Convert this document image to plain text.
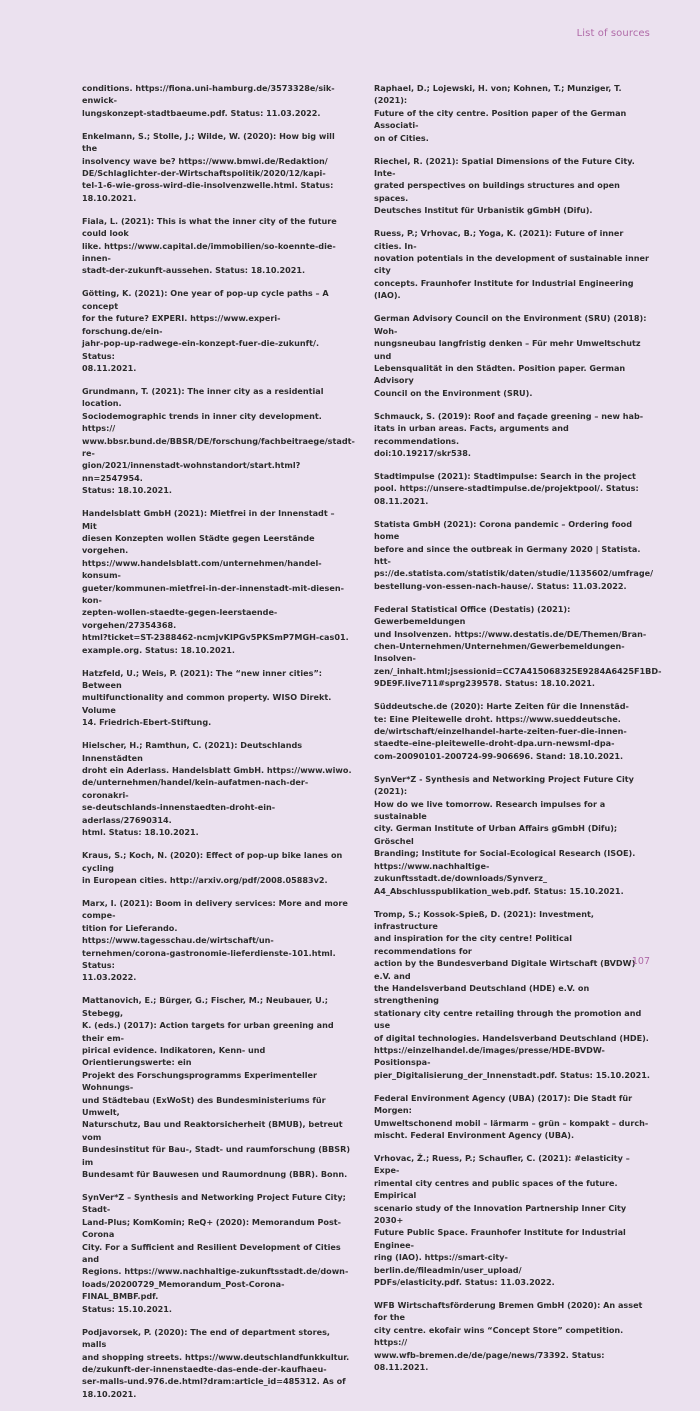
List of sources

conditions. https://fiona.uni-hamburg.de/3573328e/sik-enwick-
lungskonzept-stadtbaeume.pdf. Status: 11.03.2022.

Enkelmann, S.; Stolle, J.; Wilde, W. (2020): How big will the
insolvency wave be? https://www.bmwi.de/Redaktion/
DE/Schlaglichter-der-Wirtschaftspolitik/2020/12/kapi-
tel-1-6-wie-gross-wird-die-insolvenzwelle.html. Status:
18.10.2021.

Fiala, L. (2021): This is what the inner city of the future could look
like. https://www.capital.de/immobilien/so-koennte-die-innen-
stadt-der-zukunft-aussehen. Status: 18.10.2021.

Götting, K. (2021): One year of pop-up cycle paths – A concept
for the future? EXPERI. https://www.experi-forschung.de/ein-
jahr-pop-up-radwege-ein-konzept-fuer-die-zukunft/. Status:
08.11.2021.

Grundmann, T. (2021): The inner city as a residential location.
Sociodemographic trends in inner city development. https://
www.bbsr.bund.de/BBSR/DE/forschung/fachbeitraege/stadt-re-
gion/2021/innenstadt-wohnstandort/start.html?nn=2547954.
Status: 18.10.2021.

Handelsblatt GmbH (2021): Mietfrei in der Innenstadt – Mit
diesen Konzepten wollen Städte gegen Leerstände vorgehen.
https://www.handelsblatt.com/unternehmen/handel-konsum-
gueter/kommunen-mietfrei-in-der-innenstadt-mit-diesen-kon-
zepten-wollen-staedte-gegen-leerstaende-vorgehen/27354368.
html?ticket=ST-2388462-ncmjvKIPGv5PKSmP7MGH-cas01.
example.org. Status: 18.10.2021.

Hatzfeld, U.; Weis, P. (2021): The “new inner cities”: Between
multifunctionality and common property. WISO Direkt. Volume
14. Friedrich-Ebert-Stiftung.

Hielscher, H.; Ramthun, C. (2021): Deutschlands Innenstädten
droht ein Aderlass. Handelsblatt GmbH. https://www.wiwo.
de/unternehmen/handel/kein-aufatmen-nach-der-coronakri-
se-deutschlands-innenstaedten-droht-ein-aderlass/27690314.
html. Status: 18.10.2021.

Kraus, S.; Koch, N. (2020): Effect of pop-up bike lanes on cycling
in European cities. http://arxiv.org/pdf/2008.05883v2.

Marx, I. (2021): Boom in delivery services: More and more compe-
tition for Lieferando. https://www.tagesschau.de/wirtschaft/un-
ternehmen/corona-gastronomie-lieferdienste-101.html. Status:
11.03.2022.

Mattanovich, E.; Bürger, G.; Fischer, M.; Neubauer, U.; Stebegg,
K. (eds.) (2017): Action targets for urban greening and their em-
pirical evidence. Indikatoren, Kenn- und Orientierungswerte: ein
Projekt des Forschungsprogramms Experimenteller Wohnungs-
und Städtebau (ExWoSt) des Bundesministeriums für Umwelt,
Naturschutz, Bau und Reaktorsicherheit (BMUB), betreut vom
Bundesinstitut für Bau-, Stadt- und raumforschung (BBSR) im
Bundesamt für Bauwesen und Raumordnung (BBR). Bonn.

SynVer*Z – Synthesis and Networking Project Future City; Stadt-
Land-Plus; KomKomin; ReQ+ (2020): Memorandum Post-Corona
City. For a Sufficient and Resilient Development of Cities and
Regions. https://www.nachhaltige-zukunftsstadt.de/down-
loads/20200729_Memorandum_Post-Corona-FINAL_BMBF.pdf.
Status: 15.10.2021.

Podjavorsek, P. (2020): The end of department stores, malls
and shopping streets. https://www.deutschlandfunkkultur.
de/zukunft-der-innenstaedte-das-ende-der-kaufhaeu-
ser-malls-und.976.de.html?dram:article_id=485312. As of
18.10.2021.

Raphael, D.; Lojewski, H. von; Kohnen, T.; Munziger, T. (2021):
Future of the city centre. Position paper of the German Associati-
on of Cities.

Riechel, R. (2021): Spatial Dimensions of the Future City. Inte-
grated perspectives on buildings structures and open spaces.
Deutsches Institut für Urbanistik gGmbH (Difu).

Ruess, P.; Vrhovac, B.; Yoga, K. (2021): Future of inner cities. In-
novation potentials in the development of sustainable inner city
concepts. Fraunhofer Institute for Industrial Engineering (IAO).

German Advisory Council on the Environment (SRU) (2018): Woh-
nungsneubau langfristig denken – Für mehr Umweltschutz und
Lebensqualität in den Städten. Position paper. German Advisory
Council on the Environment (SRU).

Schmauck, S. (2019): Roof and façade greening – new hab-
itats in urban areas. Facts, arguments and recommendations.
doi:10.19217/skr538.

Stadtimpulse (2021): Stadtimpulse: Search in the project
pool. https://unsere-stadtimpulse.de/projektpool/. Status:
08.11.2021.

Statista GmbH (2021): Corona pandemic – Ordering food home
before and since the outbreak in Germany 2020 | Statista. htt-
ps://de.statista.com/statistik/daten/studie/1135602/umfrage/
bestellung-von-essen-nach-hause/. Status: 11.03.2022.

Federal Statistical Office (Destatis) (2021): Gewerbemeldungen
und Insolvenzen. https://www.destatis.de/DE/Themen/Bran-
chen-Unternehmen/Unternehmen/Gewerbemeldungen-Insolven-
zen/_inhalt.html;jsessionid=CC7A415068325E9284A6425F1BD-
9DE9F.live711#sprg239578. Status: 18.10.2021.

Süddeutsche.de (2020): Harte Zeiten für die Innenstäd-
te: Eine Pleitewelle droht. https://www.sueddeutsche.
de/wirtschaft/einzelhandel-harte-zeiten-fuer-die-innen-
staedte-eine-pleitewelle-droht-dpa.urn-newsml-dpa-
com-20090101-200724-99-906696. Stand: 18.10.2021.

SynVer*Z - Synthesis and Networking Project Future City (2021):
How do we live tomorrow. Research impulses for a sustainable
city. German Institute of Urban Affairs gGmbH (Difu); Gröschel
Branding; Institute for Social-Ecological Research (ISOE).
https://www.nachhaltige-zukunftsstadt.de/downloads/Synverz_
A4_Abschlusspublikation_web.pdf. Status: 15.10.2021.

Tromp, S.; Kossok-Spieß, D. (2021): Investment, infrastructure
and inspiration for the city centre! Political recommendations for
action by the Bundesverband Digitale Wirtschaft (BVDW) e.V. and
the Handelsverband Deutschland (HDE) e.V. on strengthening
stationary city centre retailing through the promotion and use
of digital technologies. Handelsverband Deutschland (HDE).
https://einzelhandel.de/images/presse/HDE-BVDW-Positionspa-
pier_Digitalisierung_der_Innenstadt.pdf. Status: 15.10.2021.

Federal Environment Agency (UBA) (2017): Die Stadt für Morgen:
Umweltschonend mobil – lärmarm – grün – kompakt – durch-
mischt. Federal Environment Agency (UBA).

Vrhovac, Ž.; Ruess, P.; Schaufler, C. (2021): #elasticity – Expe-
rimental city centres and public spaces of the future. Empirical
scenario study of the Innovation Partnership Inner City 2030+
Future Public Space. Fraunhofer Institute for Industrial Enginee-
ring (IAO). https://smart-city-berlin.de/fileadmin/user_upload/
PDFs/elasticity.pdf. Status: 11.03.2022.

WFB Wirtschaftsförderung Bremen GmbH (2020): An asset for the
city centre. ekofair wins “Concept Store” competition. https://
www.wfb-bremen.de/de/page/news/73392. Status: 08.11.2021.

107
